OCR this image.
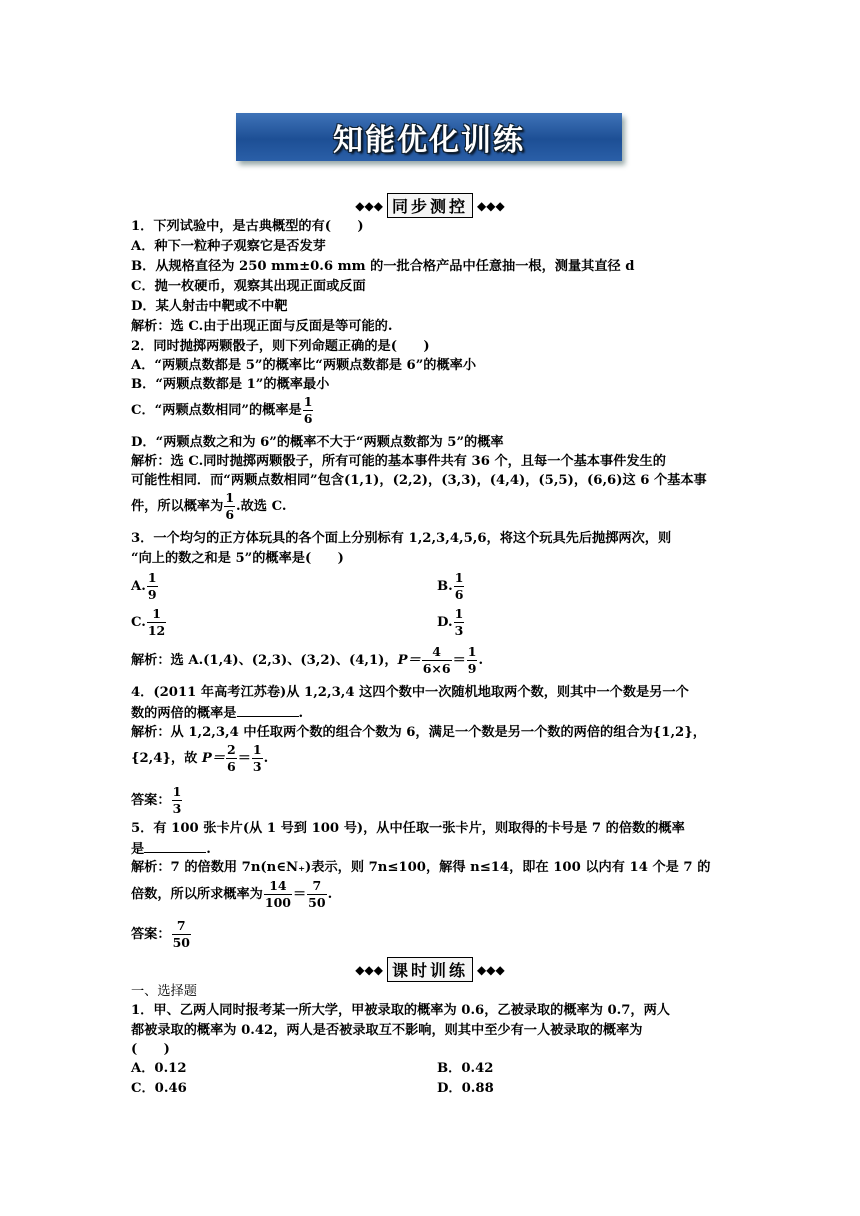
知能优化训练
◆◆◆ 同步测控 ◆◆◆
1．下列试验中，是古典概型的有(　　)
A．种下一粒种子观察它是否发芽
B．从规格直径为 250 mm±0.6 mm 的一批合格产品中任意抽一根，测量其直径 d
C．抛一枚硬币，观察其出现正面或反面
D．某人射击中靶或不中靶
解析：选 C.由于出现正面与反面是等可能的.
2．同时抛掷两颗骰子，则下列命题正确的是(　　)
A．“两颗点数都是 5”的概率比“两颗点数都是 6”的概率小
B．“两颗点数都是 1”的概率最小
C．“两颗点数相同”的概率是 $\frac{1}{6}$
D．“两颗点数之和为 6”的概率不大于“两颗点数都为 5”的概率
解析：选 C.同时抛掷两颗骰子，所有可能的基本事件共有 36 个，且每一个基本事件发生的
可能性相同．而“两颗点数相同”包含(1,1)，(2,2)，(3,3)，(4,4)，(5,5)，(6,6)这 6 个基本事
件，所以概率为 $\frac{1}{6}$ .故选 C.
3．一个均匀的正方体玩具的各个面上分别标有 1,2,3,4,5,6，将这个玩具先后抛掷两次，则
“向上的数之和是 5”的概率是(　　)
A. $\frac{1}{9}$	B. $\frac{1}{6}$
C. $\frac{1}{12}$	D. $\frac{1}{3}$
解析：选 A.(1,4)、(2,3)、(3,2)、(4,1)，$P= \frac{4}{6\times 6} = \frac{1}{9}$ .
4．(2011 年高考江苏卷)从 1,2,3,4 这四个数中一次随机地取两个数，则其中一个数是另一个
数的两倍的概率是	.
解析：从 1,2,3,4 中任取两个数的组合个数为 6，满足一个数是另一个数的两倍的组合为{1,2}，
{2,4}，故 $P= \frac{2}{6} = \frac{1}{3}$ .
答案： $\frac{1}{3}$
5．有 100 张卡片(从 1 号到 100 号)，从中任取一张卡片，则取得的卡号是 7 的倍数的概率
是	.
解析：7 的倍数用 7n(n∈N₊)表示，则 7n≤100，解得 n≤14，即在 100 以内有 14 个是 7 的
倍数，所以所求概率为 $\frac{14}{100} = \frac{7}{50}$ .
答案： $\frac{7}{50}$
◆◆◆ 课时训练 ◆◆◆
一、选择题
1．甲、乙两人同时报考某一所大学，甲被录取的概率为 0.6，乙被录取的概率为 0.7，两人
都被录取的概率为 0.42，两人是否被录取互不影响，则其中至少有一人被录取的概率为
(　　)
A．0.12	B．0.42
C．0.46	D．0.88
